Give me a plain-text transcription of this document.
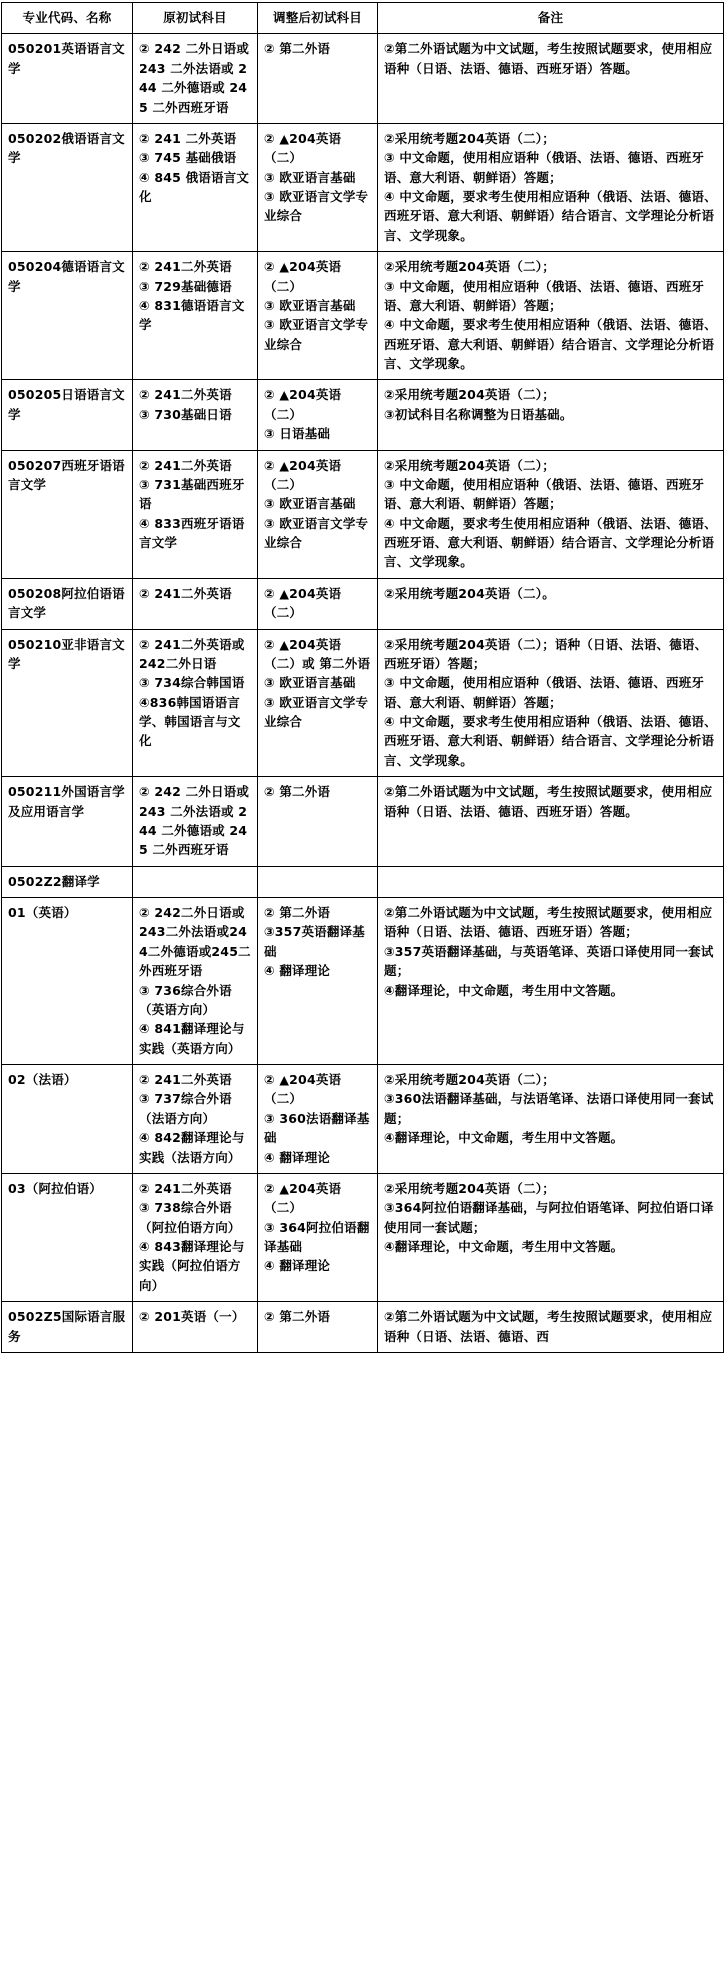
专业代码、名称	原初试科目	调整后初试科目	备注

050201英语语言文学	② 242 二外日语或243 二外法语或 244 二外德语或 245 二外西班牙语	② 第二外语	②第二外语试题为中文试题，考生按照试题要求，使用相应语种（日语、法语、德语、西班牙语）答题。

050202俄语语言文学	② 241 二外英语
③ 745 基础俄语
④ 845 俄语语言文化	② ▲204英语（二）
③ 欧亚语言基础
③ 欧亚语言文学专业综合	②采用统考题204英语（二）；
③ 中文命题，使用相应语种（俄语、法语、德语、西班牙语、意大利语、朝鲜语）答题；
④ 中文命题，要求考生使用相应语种（俄语、法语、德语、西班牙语、意大利语、朝鲜语）结合语言、文学理论分析语言、文学现象。

050204德语语言文学	② 241二外英语
③ 729基础德语
④ 831德语语言文学	② ▲204英语（二）
③ 欧亚语言基础
③ 欧亚语言文学专业综合	②采用统考题204英语（二）；
③ 中文命题，使用相应语种（俄语、法语、德语、西班牙语、意大利语、朝鲜语）答题；
④ 中文命题，要求考生使用相应语种（俄语、法语、德语、西班牙语、意大利语、朝鲜语）结合语言、文学理论分析语言、文学现象。

050205日语语言文学	② 241二外英语
③ 730基础日语	② ▲204英语（二）
③ 日语基础	②采用统考题204英语（二）；
③初试科目名称调整为日语基础。

050207西班牙语语言文学	② 241二外英语
③ 731基础西班牙语
④ 833西班牙语语言文学	② ▲204英语（二）
③ 欧亚语言基础
③ 欧亚语言文学专业综合	②采用统考题204英语（二）；
③ 中文命题，使用相应语种（俄语、法语、德语、西班牙语、意大利语、朝鲜语）答题；
④ 中文命题，要求考生使用相应语种（俄语、法语、德语、西班牙语、意大利语、朝鲜语）结合语言、文学理论分析语言、文学现象。

050208阿拉伯语语言文学	② 241二外英语	② ▲204英语（二）	②采用统考题204英语（二）。

050210亚非语言文学	② 241二外英语或242二外日语
③ 734综合韩国语
④836韩国语语言学、韩国语言与文化	② ▲204英语（二）或 第二外语
③ 欧亚语言基础
③ 欧亚语言文学专业综合	②采用统考题204英语（二）；语种（日语、法语、德语、西班牙语）答题；
③ 中文命题，使用相应语种（俄语、法语、德语、西班牙语、意大利语、朝鲜语）答题；
④ 中文命题，要求考生使用相应语种（俄语、法语、德语、西班牙语、意大利语、朝鲜语）结合语言、文学理论分析语言、文学现象。

050211外国语言学及应用语言学	② 242 二外日语或243 二外法语或 244 二外德语或 245 二外西班牙语	② 第二外语	②第二外语试题为中文试题，考生按照试题要求，使用相应语种（日语、法语、德语、西班牙语）答题。

0502Z2翻译学			

01（英语）	② 242二外日语或243二外法语或244二外德语或245二外西班牙语
③ 736综合外语（英语方向）
④ 841翻译理论与实践（英语方向）	② 第二外语
③357英语翻译基础
④ 翻译理论	②第二外语试题为中文试题，考生按照试题要求，使用相应语种（日语、法语、德语、西班牙语）答题；
③357英语翻译基础，与英语笔译、英语口译使用同一套试题；
④翻译理论，中文命题，考生用中文答题。

02（法语）	② 241二外英语
③ 737综合外语（法语方向）
④ 842翻译理论与实践（法语方向）	② ▲204英语（二）
③ 360法语翻译基础
④ 翻译理论	②采用统考题204英语（二）；
③360法语翻译基础，与法语笔译、法语口译使用同一套试题；
④翻译理论，中文命题，考生用中文答题。

03（阿拉伯语）	② 241二外英语
③ 738综合外语（阿拉伯语方向）
④ 843翻译理论与实践（阿拉伯语方向）	② ▲204英语（二）
③ 364阿拉伯语翻译基础
④ 翻译理论	②采用统考题204英语（二）；
③364阿拉伯语翻译基础，与阿拉伯语笔译、阿拉伯语口译使用同一套试题；
④翻译理论，中文命题，考生用中文答题。

0502Z5国际语言服务	② 201英语（一）	② 第二外语	②第二外语试题为中文试题，考生按照试题要求，使用相应语种（日语、法语、德语、西
